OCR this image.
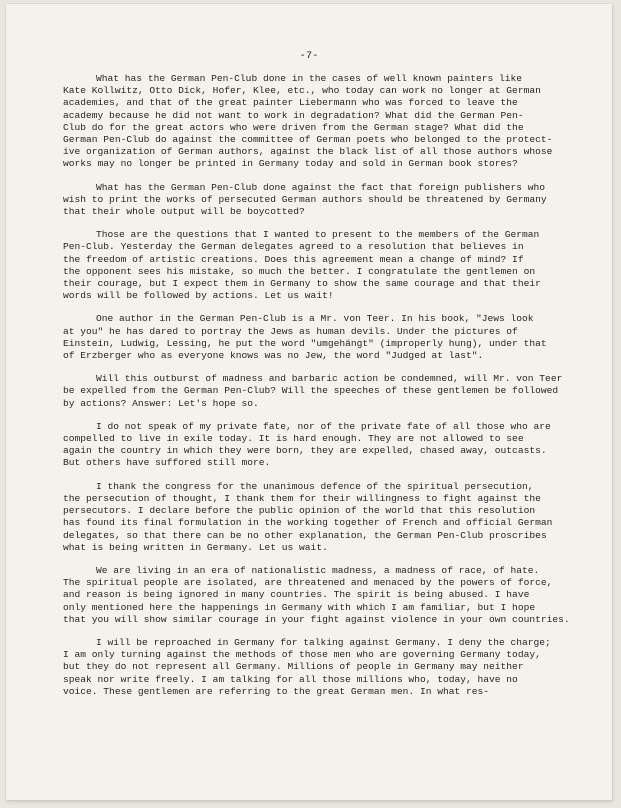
-7-
What has the German Pen-Club done in the cases of well known painters like
Kate Kollwitz, Otto Dick, Hofer, Klee, etc., who today can work no longer at German
academies, and that of the great painter Liebermann who was forced to leave the
academy because he did not want to work in degradation? What did the German Pen-
Club do for the great actors who were driven from the German stage? What did the
German Pen-Club do against the committee of German poets who belonged to the protect-
ive organization of German authors, against the black list of all those authors whose
works may no longer be printed in Germany today and sold in German book stores?
What has the German Pen-Club done against the fact that foreign publishers who
wish to print the works of persecuted German authors should be threatened by Germany
that their whole output will be boycotted?
Those are the questions that I wanted to present to the members of the German
Pen-Club. Yesterday the German delegates agreed to a resolution that believes in
the freedom of artistic creations. Does this agreement mean a change of mind? If
the opponent sees his mistake, so much the better. I congratulate the gentlemen on
their courage, but I expect them in Germany to show the same courage and that their
words will be followed by actions. Let us wait!
One author in the German Pen-Club is a Mr. von Teer. In his book, "Jews look
at you" he has dared to portray the Jews as human devils. Under the pictures of
Einstein, Ludwig, Lessing, he put the word "umgehängt" (improperly hung), under that
of Erzberger who as everyone knows was no Jew, the word "Judged at last".
Will this outburst of madness and barbaric action be condemned, will Mr. von Teer
be expelled from the German Pen-Club? Will the speeches of these gentlemen be followed
by actions? Answer: Let's hope so.
I do not speak of my private fate, nor of the private fate of all those who are
compelled to live in exile today. It is hard enough. They are not allowed to see
again the country in which they were born, they are expelled, chased away, outcasts.
But others have suffored still more.
I thank the congress for the unanimous defence of the spiritual persecution,
the persecution of thought, I thank them for their willingness to fight against the
persecutors. I declare before the public opinion of the world that this resolution
has found its final formulation in the working together of French and official German
delegates, so that there can be no other explanation, the German Pen-Club proscribes
what is being written in Germany. Let us wait.
We are living in an era of nationalistic madness, a madness of race, of hate.
The spiritual people are isolated, are threatened and menaced by the powers of force,
and reason is being ignored in many countries. The spirit is being abused. I have
only mentioned here the happenings in Germany with which I am familiar, but I hope
that you will show similar courage in your fight against violence in your own countries.
I will be reproached in Germany for talking against Germany. I deny the charge;
I am only turning against the methods of those men who are governing Germany today,
but they do not represent all Germany. Millions of people in Germany may neither
speak nor write freely. I am talking for all those millions who, today, have no
voice. These gentlemen are referring to the great German men. In what res-
